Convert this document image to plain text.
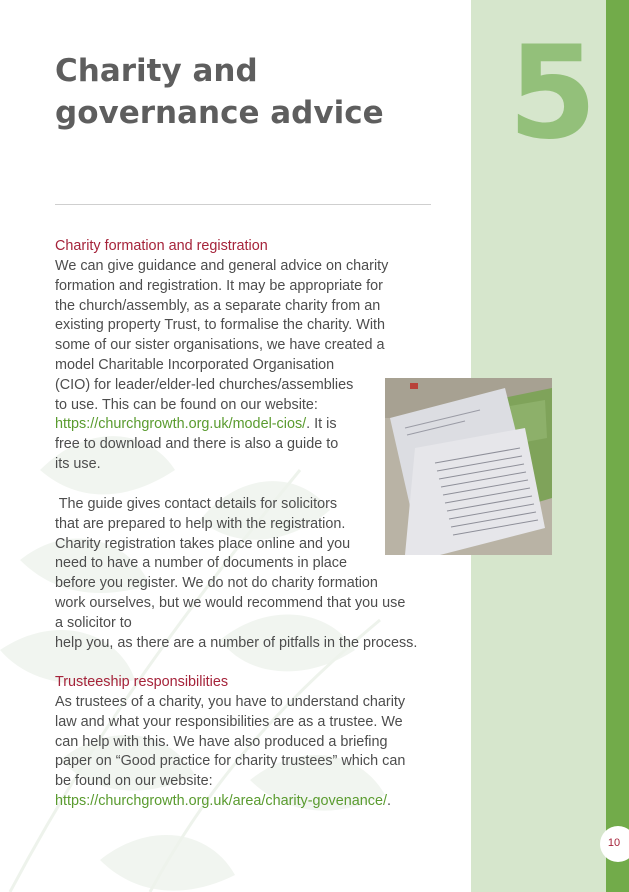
5
Charity and
governance advice
Charity formation and registration
We can give guidance and general advice on charity
formation and registration. It may be appropriate for
the church/assembly, as a separate charity from an
existing property Trust, to formalise the charity. With
some of our sister organisations, we have created a
model Charitable Incorporated Organisation
(CIO) for leader/elder-led churches/assemblies
to use. This can be found on our website:
https://churchgrowth.org.uk/model-cios/. It is
free to download and there is also a guide to
its use.
The guide gives contact details for solicitors
that are prepared to help with the registration.
Charity registration takes place online and you
need to have a number of documents in place
before you register. We do not do charity formation
work ourselves, but we would recommend that you use
a solicitor to
help you, as there are a number of pitfalls in the process.
Trusteeship responsibilities
As trustees of a charity, you have to understand charity
law and what your responsibilities are as a trustee. We
can help with this. We have also produced a briefing
paper on “Good practice for charity trustees” which can
be found on our website:
https://churchgrowth.org.uk/area/charity-govenance/.
10
